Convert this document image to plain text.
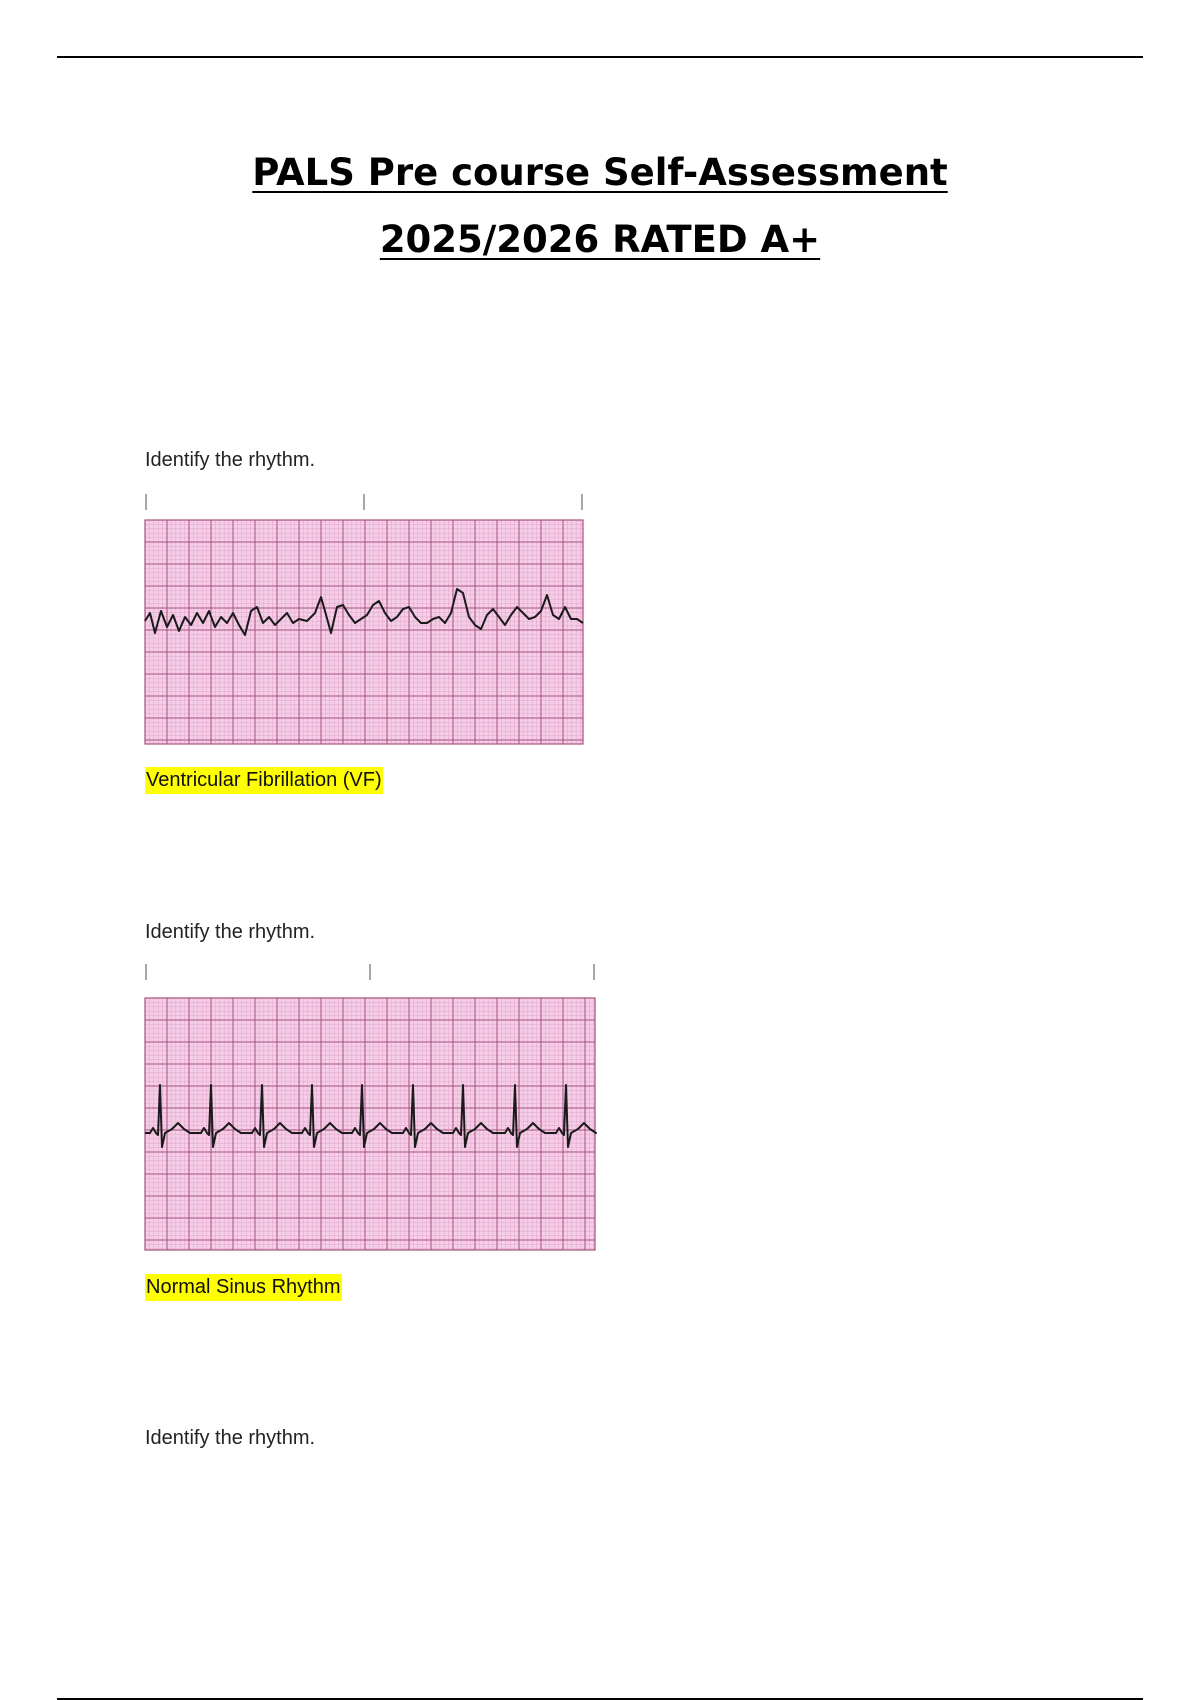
PALS Pre course Self-Assessment
2025/2026 RATED A+
Identify the rhythm.
Ventricular Fibrillation (VF)
Identify the rhythm.
Normal Sinus Rhythm
Identify the rhythm.
